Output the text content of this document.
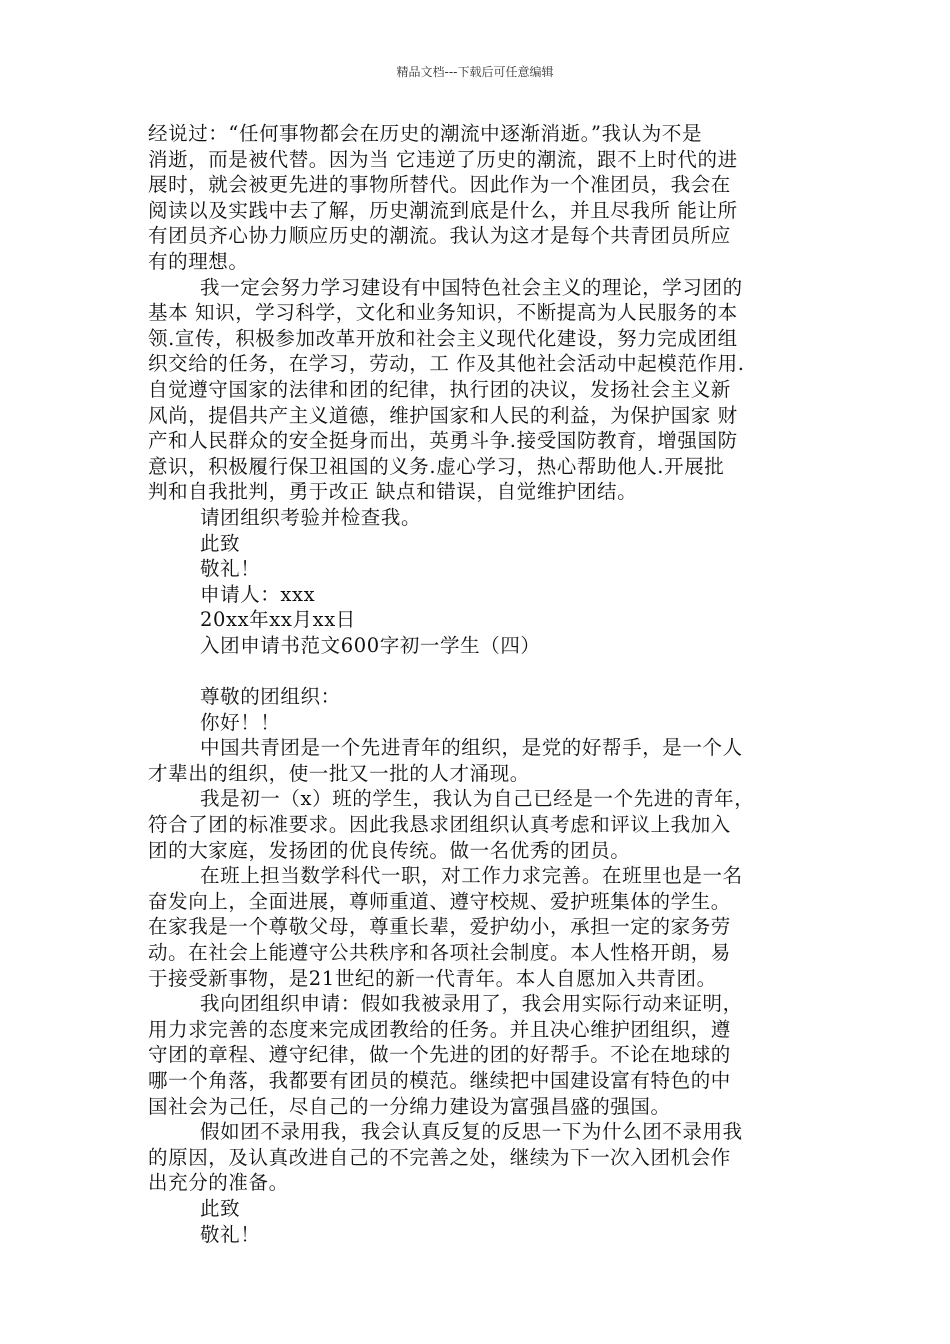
精品文档---下载后可任意编辑
经说过：“任何事物都会在历史的潮流中逐渐消逝。”我认为不是
消逝，而是被代替。因为当 它违逆了历史的潮流，跟不上时代的进
展时，就会被更先进的事物所替代。因此作为一个准团员，我会在
阅读以及实践中去了解，历史潮流到底是什么，并且尽我所 能让所
有团员齐心协力顺应历史的潮流。我认为这才是每个共青团员所应
有的理想。
我一定会努力学习建设有中国特色社会主义的理论，学习团的
基本 知识，学习科学，文化和业务知识，不断提高为人民服务的本
领.宣传，积极参加改革开放和社会主义现代化建设，努力完成团组
织交给的任务，在学习，劳动，工 作及其他社会活动中起模范作用.
自觉遵守国家的法律和团的纪律，执行团的决议，发扬社会主义新
风尚，提倡共产主义道德，维护国家和人民的利益，为保护国家 财
产和人民群众的安全挺身而出，英勇斗争.接受国防教育，增强国防
意识，积极履行保卫祖国的义务.虚心学习，热心帮助他人.开展批
判和自我批判，勇于改正 缺点和错误，自觉维护团结。
请团组织考验并检查我。
此致
敬礼！
申请人：xxx
20xx年xx月xx日
入团申请书范文600字初一学生（四）
尊敬的团组织：
你好！！
中国共青团是一个先进青年的组织，是党的好帮手，是一个人
才辈出的组织，使一批又一批的人才涌现。
我是初一（x）班的学生，我认为自己已经是一个先进的青年，
符合了团的标准要求。因此我恳求团组织认真考虑和评议上我加入
团的大家庭，发扬团的优良传统。做一名优秀的团员。
在班上担当数学科代一职，对工作力求完善。在班里也是一名
奋发向上，全面进展，尊师重道、遵守校规、爱护班集体的学生。
在家我是一个尊敬父母，尊重长辈，爱护幼小，承担一定的家务劳
动。在社会上能遵守公共秩序和各项社会制度。本人性格开朗，易
于接受新事物，是21世纪的新一代青年。本人自愿加入共青团。
我向团组织申请：假如我被录用了，我会用实际行动来证明，
用力求完善的态度来完成团教给的任务。并且决心维护团组织，遵
守团的章程、遵守纪律，做一个先进的团的好帮手。不论在地球的
哪一个角落，我都要有团员的模范。继续把中国建设富有特色的中
国社会为己任，尽自己的一分绵力建设为富强昌盛的强国。
假如团不录用我，我会认真反复的反思一下为什么团不录用我
的原因，及认真改进自己的不完善之处，继续为下一次入团机会作
出充分的准备。
此致
敬礼！
